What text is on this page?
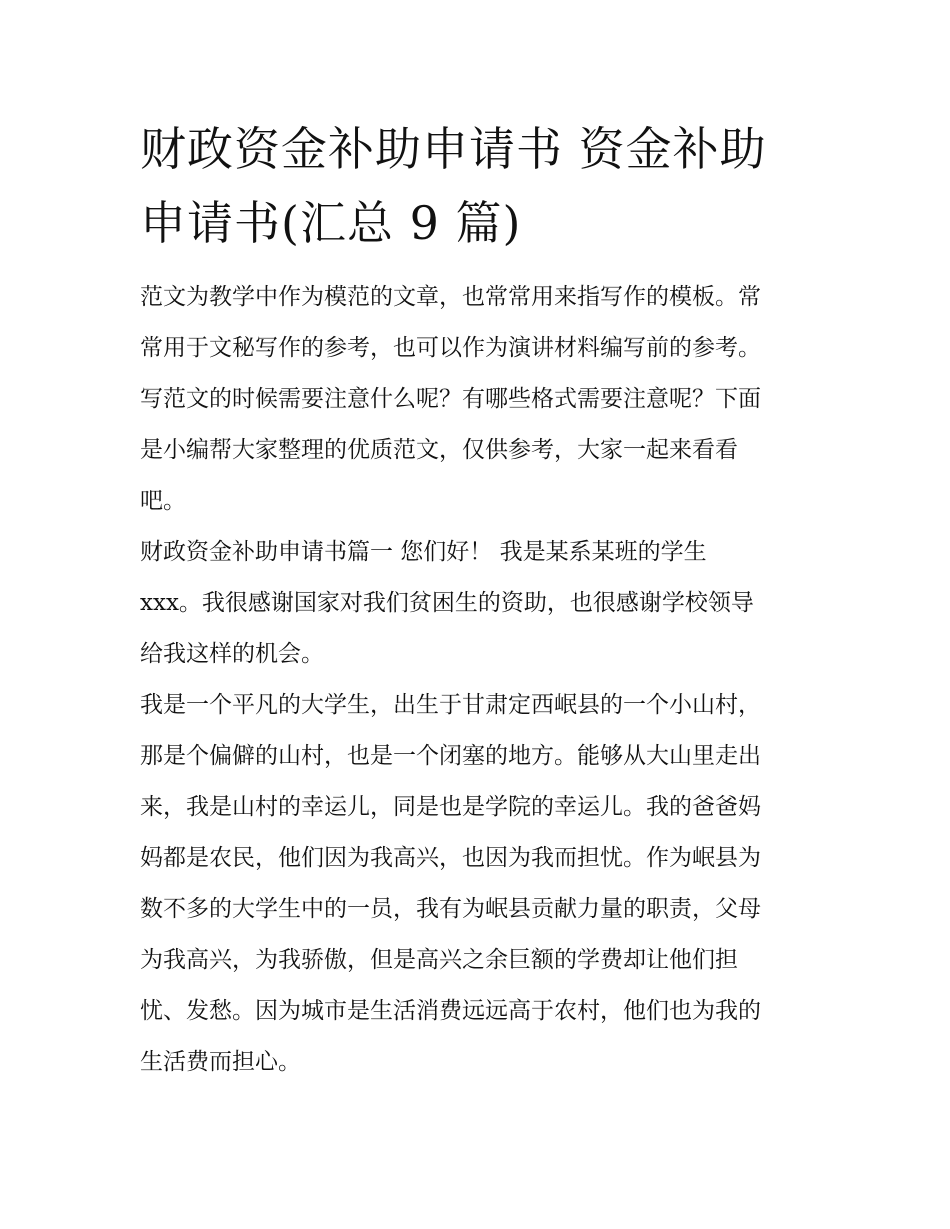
财政资金补助申请书 资金补助
申请书(汇总 9 篇)

范文为教学中作为模范的文章，也常常用来指写作的模板。常
常用于文秘写作的参考，也可以作为演讲材料编写前的参考。
写范文的时候需要注意什么呢？有哪些格式需要注意呢？下面
是小编帮大家整理的优质范文，仅供参考，大家一起来看看
吧。

财政资金补助申请书篇一 您们好！ 我是某系某班的学生
xxx。我很感谢国家对我们贫困生的资助，也很感谢学校领导
给我这样的机会。

我是一个平凡的大学生，出生于甘肃定西岷县的一个小山村，
那是个偏僻的山村，也是一个闭塞的地方。能够从大山里走出
来，我是山村的幸运儿，同是也是学院的幸运儿。我的爸爸妈
妈都是农民，他们因为我高兴，也因为我而担忧。作为岷县为
数不多的大学生中的一员，我有为岷县贡献力量的职责，父母
为我高兴，为我骄傲，但是高兴之余巨额的学费却让他们担
忧、发愁。因为城市是生活消费远远高于农村，他们也为我的
生活费而担心。
